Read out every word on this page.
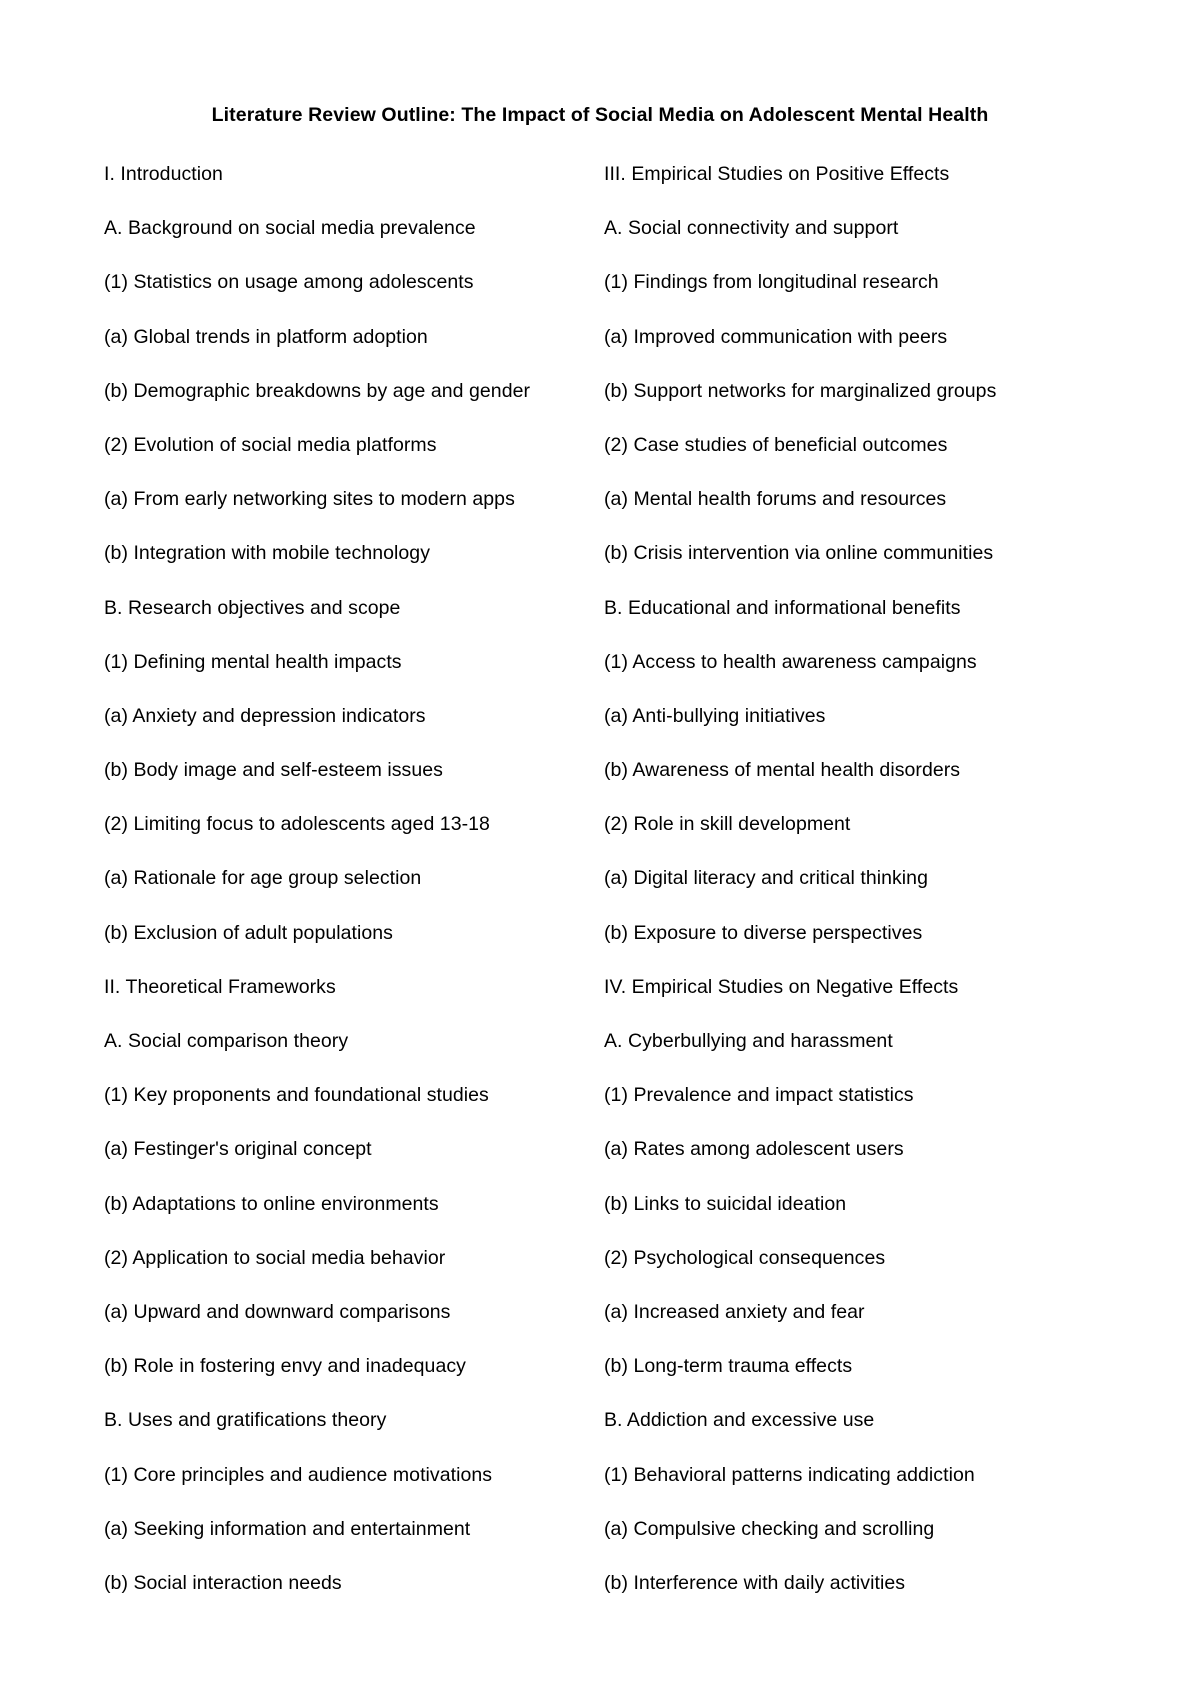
Literature Review Outline: The Impact of Social Media on Adolescent Mental Health
I. Introduction
A. Background on social media prevalence
(1) Statistics on usage among adolescents
(a) Global trends in platform adoption
(b) Demographic breakdowns by age and gender
(2) Evolution of social media platforms
(a) From early networking sites to modern apps
(b) Integration with mobile technology
B. Research objectives and scope
(1) Defining mental health impacts
(a) Anxiety and depression indicators
(b) Body image and self-esteem issues
(2) Limiting focus to adolescents aged 13-18
(a) Rationale for age group selection
(b) Exclusion of adult populations
II. Theoretical Frameworks
A. Social comparison theory
(1) Key proponents and foundational studies
(a) Festinger's original concept
(b) Adaptations to online environments
(2) Application to social media behavior
(a) Upward and downward comparisons
(b) Role in fostering envy and inadequacy
B. Uses and gratifications theory
(1) Core principles and audience motivations
(a) Seeking information and entertainment
(b) Social interaction needs
III. Empirical Studies on Positive Effects
A. Social connectivity and support
(1) Findings from longitudinal research
(a) Improved communication with peers
(b) Support networks for marginalized groups
(2) Case studies of beneficial outcomes
(a) Mental health forums and resources
(b) Crisis intervention via online communities
B. Educational and informational benefits
(1) Access to health awareness campaigns
(a) Anti-bullying initiatives
(b) Awareness of mental health disorders
(2) Role in skill development
(a) Digital literacy and critical thinking
(b) Exposure to diverse perspectives
IV. Empirical Studies on Negative Effects
A. Cyberbullying and harassment
(1) Prevalence and impact statistics
(a) Rates among adolescent users
(b) Links to suicidal ideation
(2) Psychological consequences
(a) Increased anxiety and fear
(b) Long-term trauma effects
B. Addiction and excessive use
(1) Behavioral patterns indicating addiction
(a) Compulsive checking and scrolling
(b) Interference with daily activities
